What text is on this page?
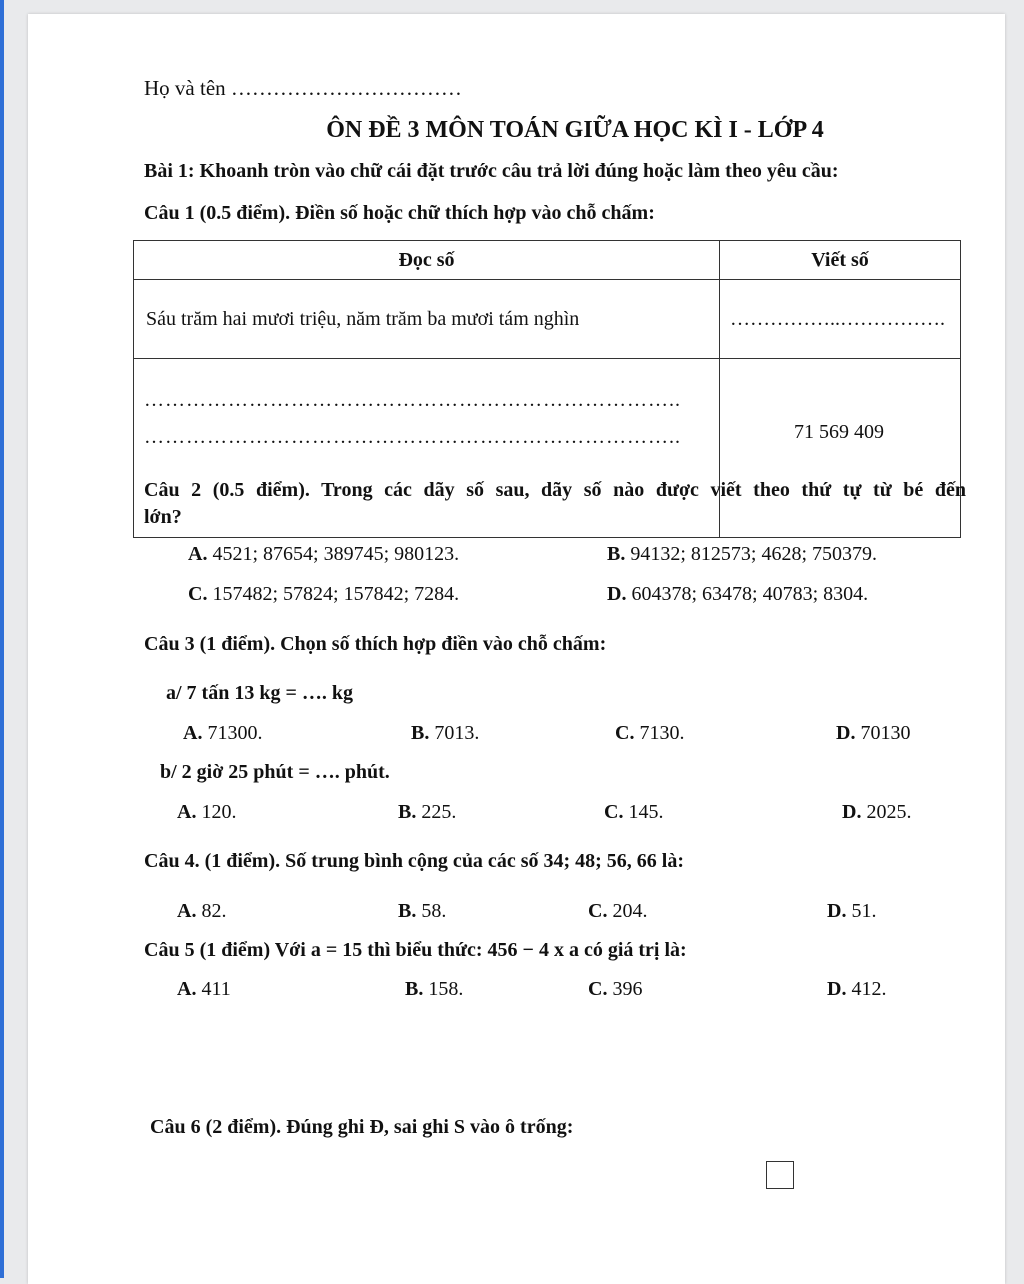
Họ và tên ……………………………
ÔN ĐỀ 3 MÔN TOÁN GIỮA HỌC KÌ I - LỚP 4
Bài 1: Khoanh tròn vào chữ cái đặt trước câu trả lời đúng hoặc làm theo yêu cầu:
Câu 1 (0.5 điểm). Điền số hoặc chữ thích hợp vào chỗ chấm:
Đọc số	Viết số
Sáu trăm hai mươi triệu, năm trăm ba mươi tám nghìn	……………..…………….

…………………………………………………………………..
…………………………………………………………………..	71 569 409
Câu 2 (0.5 điểm). Trong các dãy số sau, dãy số nào được viết theo thứ tự từ bé đến
lớn?
A. 4521; 87654; 389745; 980123.	B. 94132; 812573; 4628; 750379.
C. 157482; 57824; 157842; 7284.	D. 604378; 63478; 40783; 8304.
Câu 3 (1 điểm). Chọn số thích hợp điền vào chỗ chấm:
a/ 7 tấn 13 kg = …. kg
A. 71300.	B. 7013.	C. 7130.	D. 70130
b/ 2 giờ 25 phút = …. phút.
A. 120.	B. 225.	C. 145.	D. 2025.
Câu 4. (1 điểm). Số trung bình cộng của các số 34; 48; 56, 66 là:
A. 82.	B. 58.	C. 204.	D. 51.
Câu 5 (1 điểm) Với a = 15 thì biểu thức: 456 − 4 x a có giá trị là:
A. 411	B. 158.	C. 396	D. 412.
Câu 6 (2 điểm). Đúng ghi Đ, sai ghi S vào ô trống:
